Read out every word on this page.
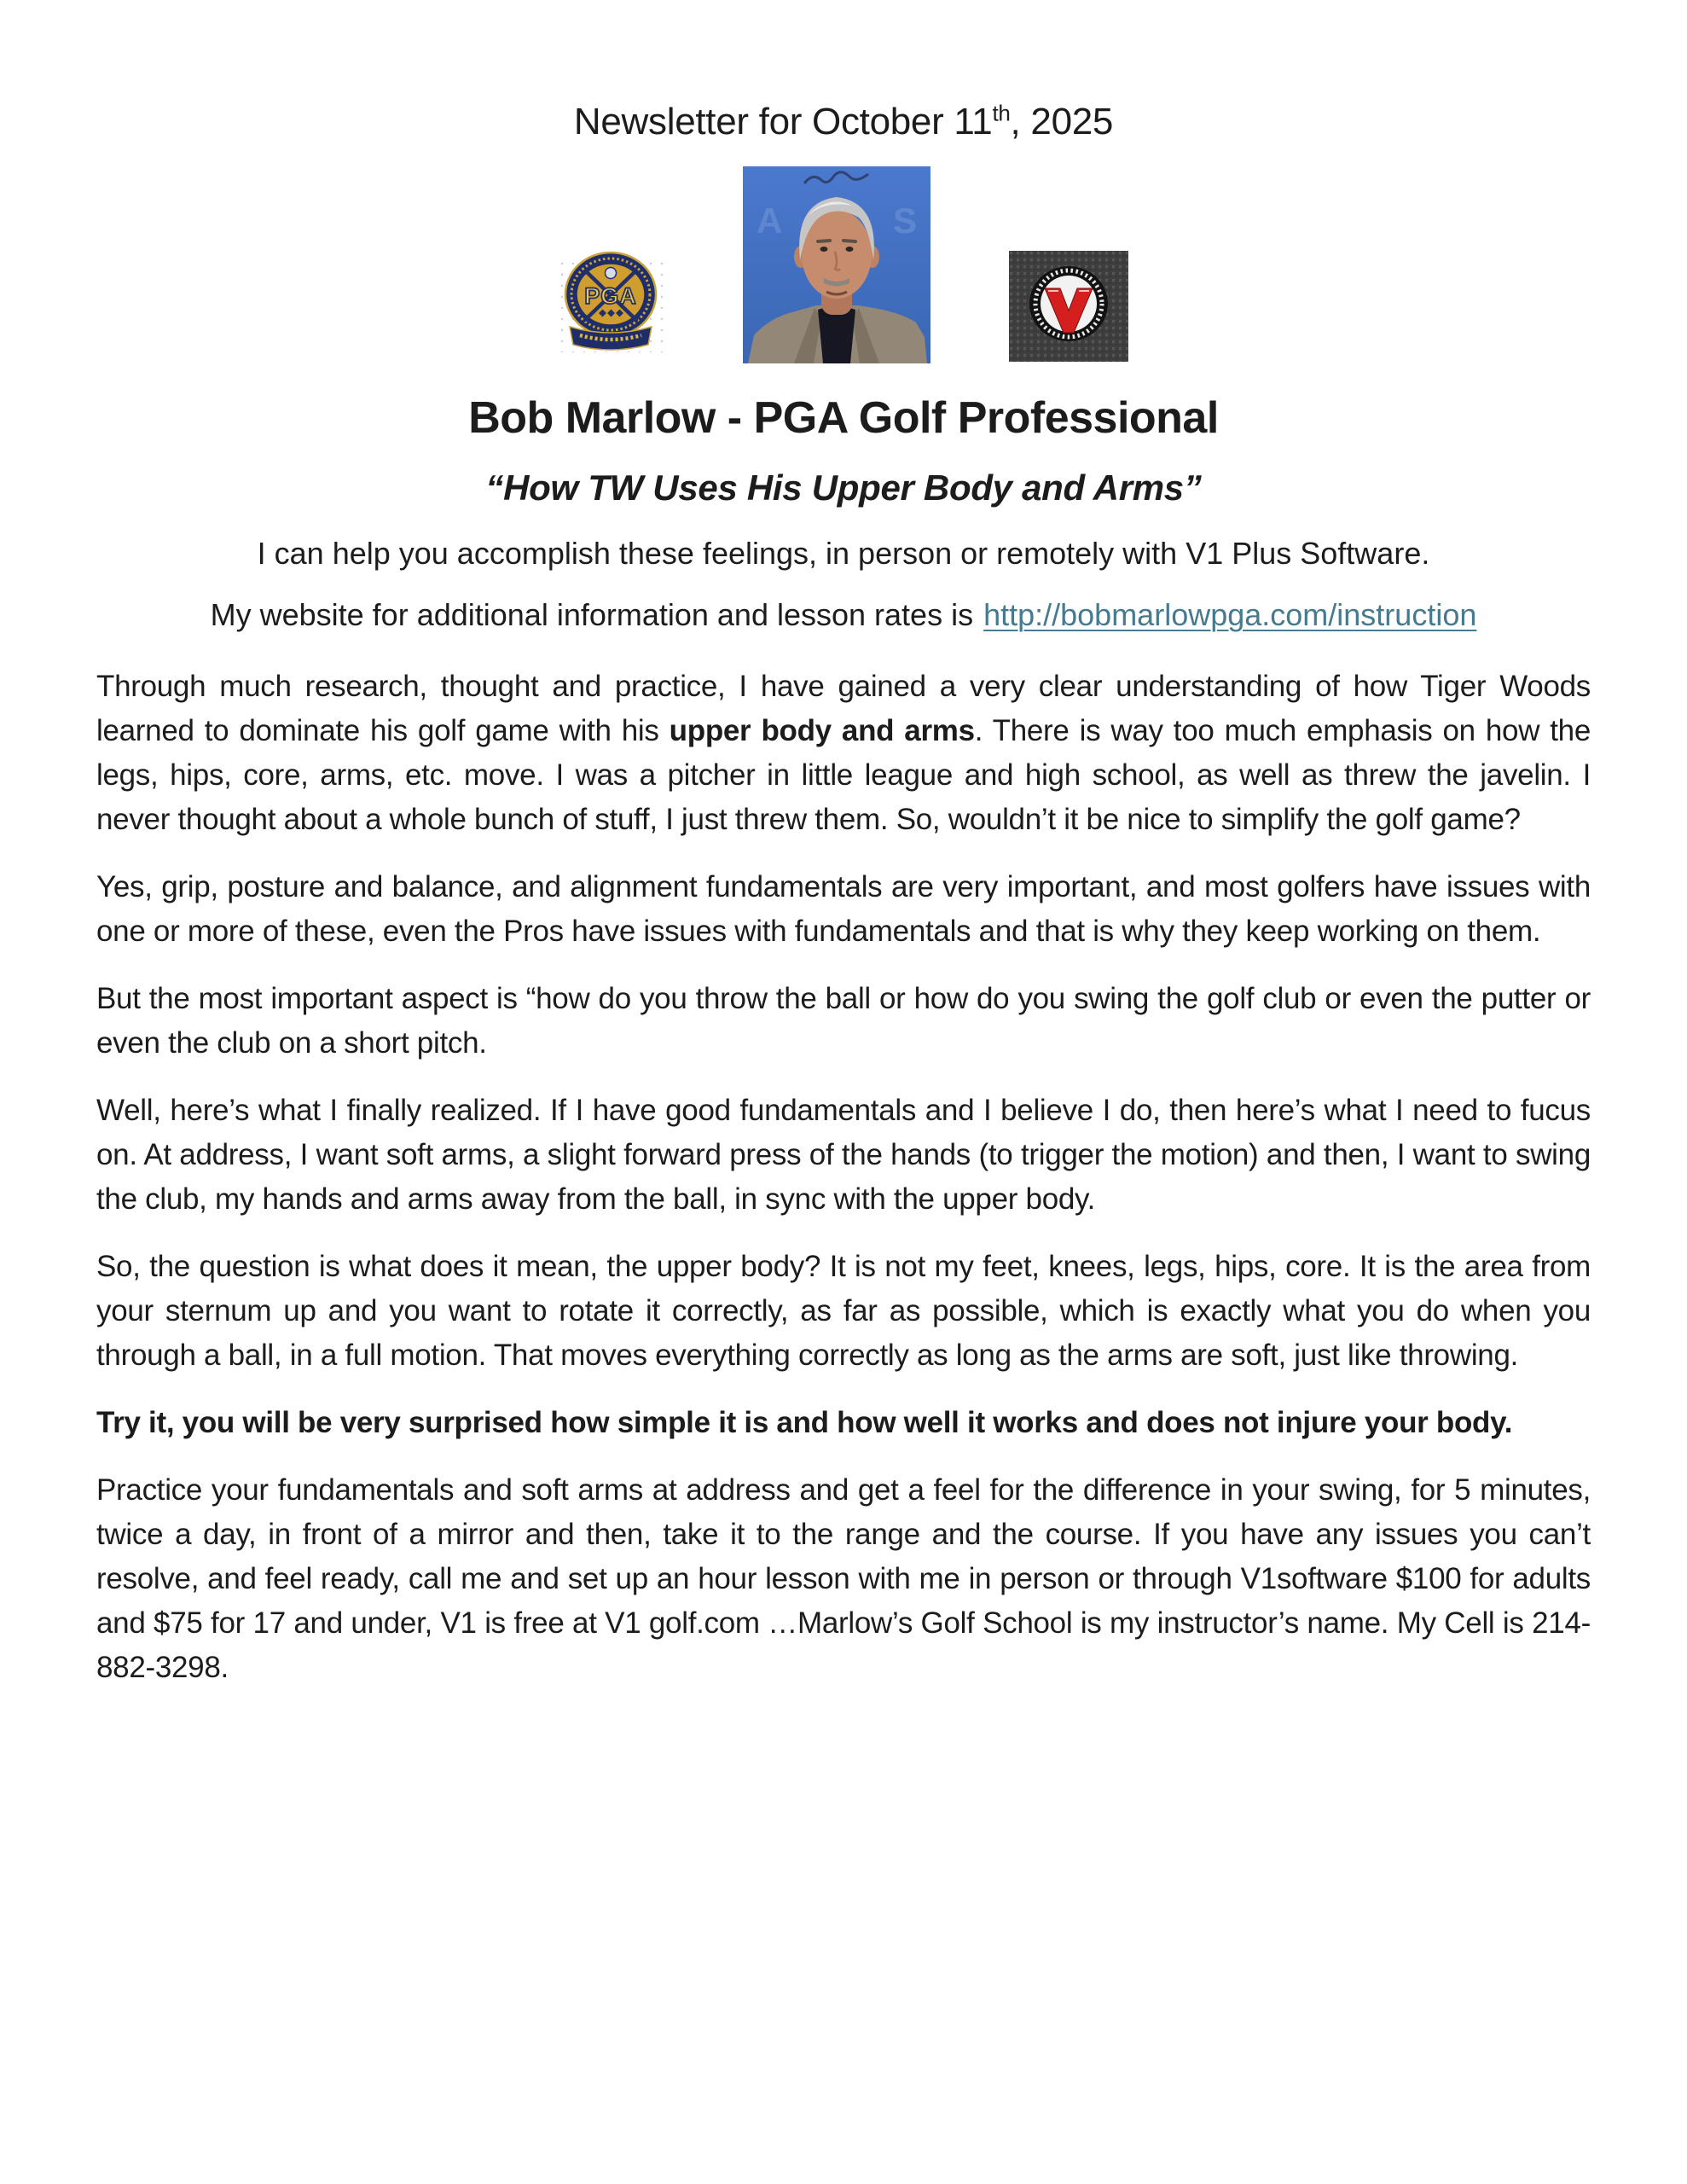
Newsletter for October 11th, 2025
PGA
A	S
Bob Marlow - PGA Golf Professional
“How TW Uses His Upper Body and Arms”
I can help you accomplish these feelings, in person or remotely with V1 Plus Software.
My website for additional information and lesson rates is http://bobmarlowpga.com/instruction

Through much research, thought and practice, I have gained a very clear understanding of how Tiger Woods learned to dominate his golf game with his upper body and arms. There is way too much emphasis on how the legs, hips, core, arms, etc. move. I was a pitcher in little league and high school, as well as threw the javelin. I never thought about a whole bunch of stuff, I just threw them. So, wouldn’t it be nice to simplify the golf game?

Yes, grip, posture and balance, and alignment fundamentals are very important, and most golfers have issues with one or more of these, even the Pros have issues with fundamentals and that is why they keep working on them.

But the most important aspect is “how do you throw the ball or how do you swing the golf club or even the putter or even the club on a short pitch.

Well, here’s what I finally realized. If I have good fundamentals and I believe I do, then here’s what I need to fucus on. At address, I want soft arms, a slight forward press of the hands (to trigger the motion) and then, I want to swing the club, my hands and arms away from the ball, in sync with the upper body.

So, the question is what does it mean, the upper body? It is not my feet, knees, legs, hips, core. It is the area from your sternum up and you want to rotate it correctly, as far as possible, which is exactly what you do when you through a ball, in a full motion. That moves everything correctly as long as the arms are soft, just like throwing.

Try it, you will be very surprised how simple it is and how well it works and does not injure your body.

Practice your fundamentals and soft arms at address and get a feel for the difference in your swing, for 5 minutes, twice a day, in front of a mirror and then, take it to the range and the course. If you have any issues you can’t resolve, and feel ready, call me and set up an hour lesson with me in person or through V1software $100 for adults and $75 for 17 and under, V1 is free at V1 golf.com …Marlow’s Golf School is my instructor’s name. My Cell is 214-882-3298.
